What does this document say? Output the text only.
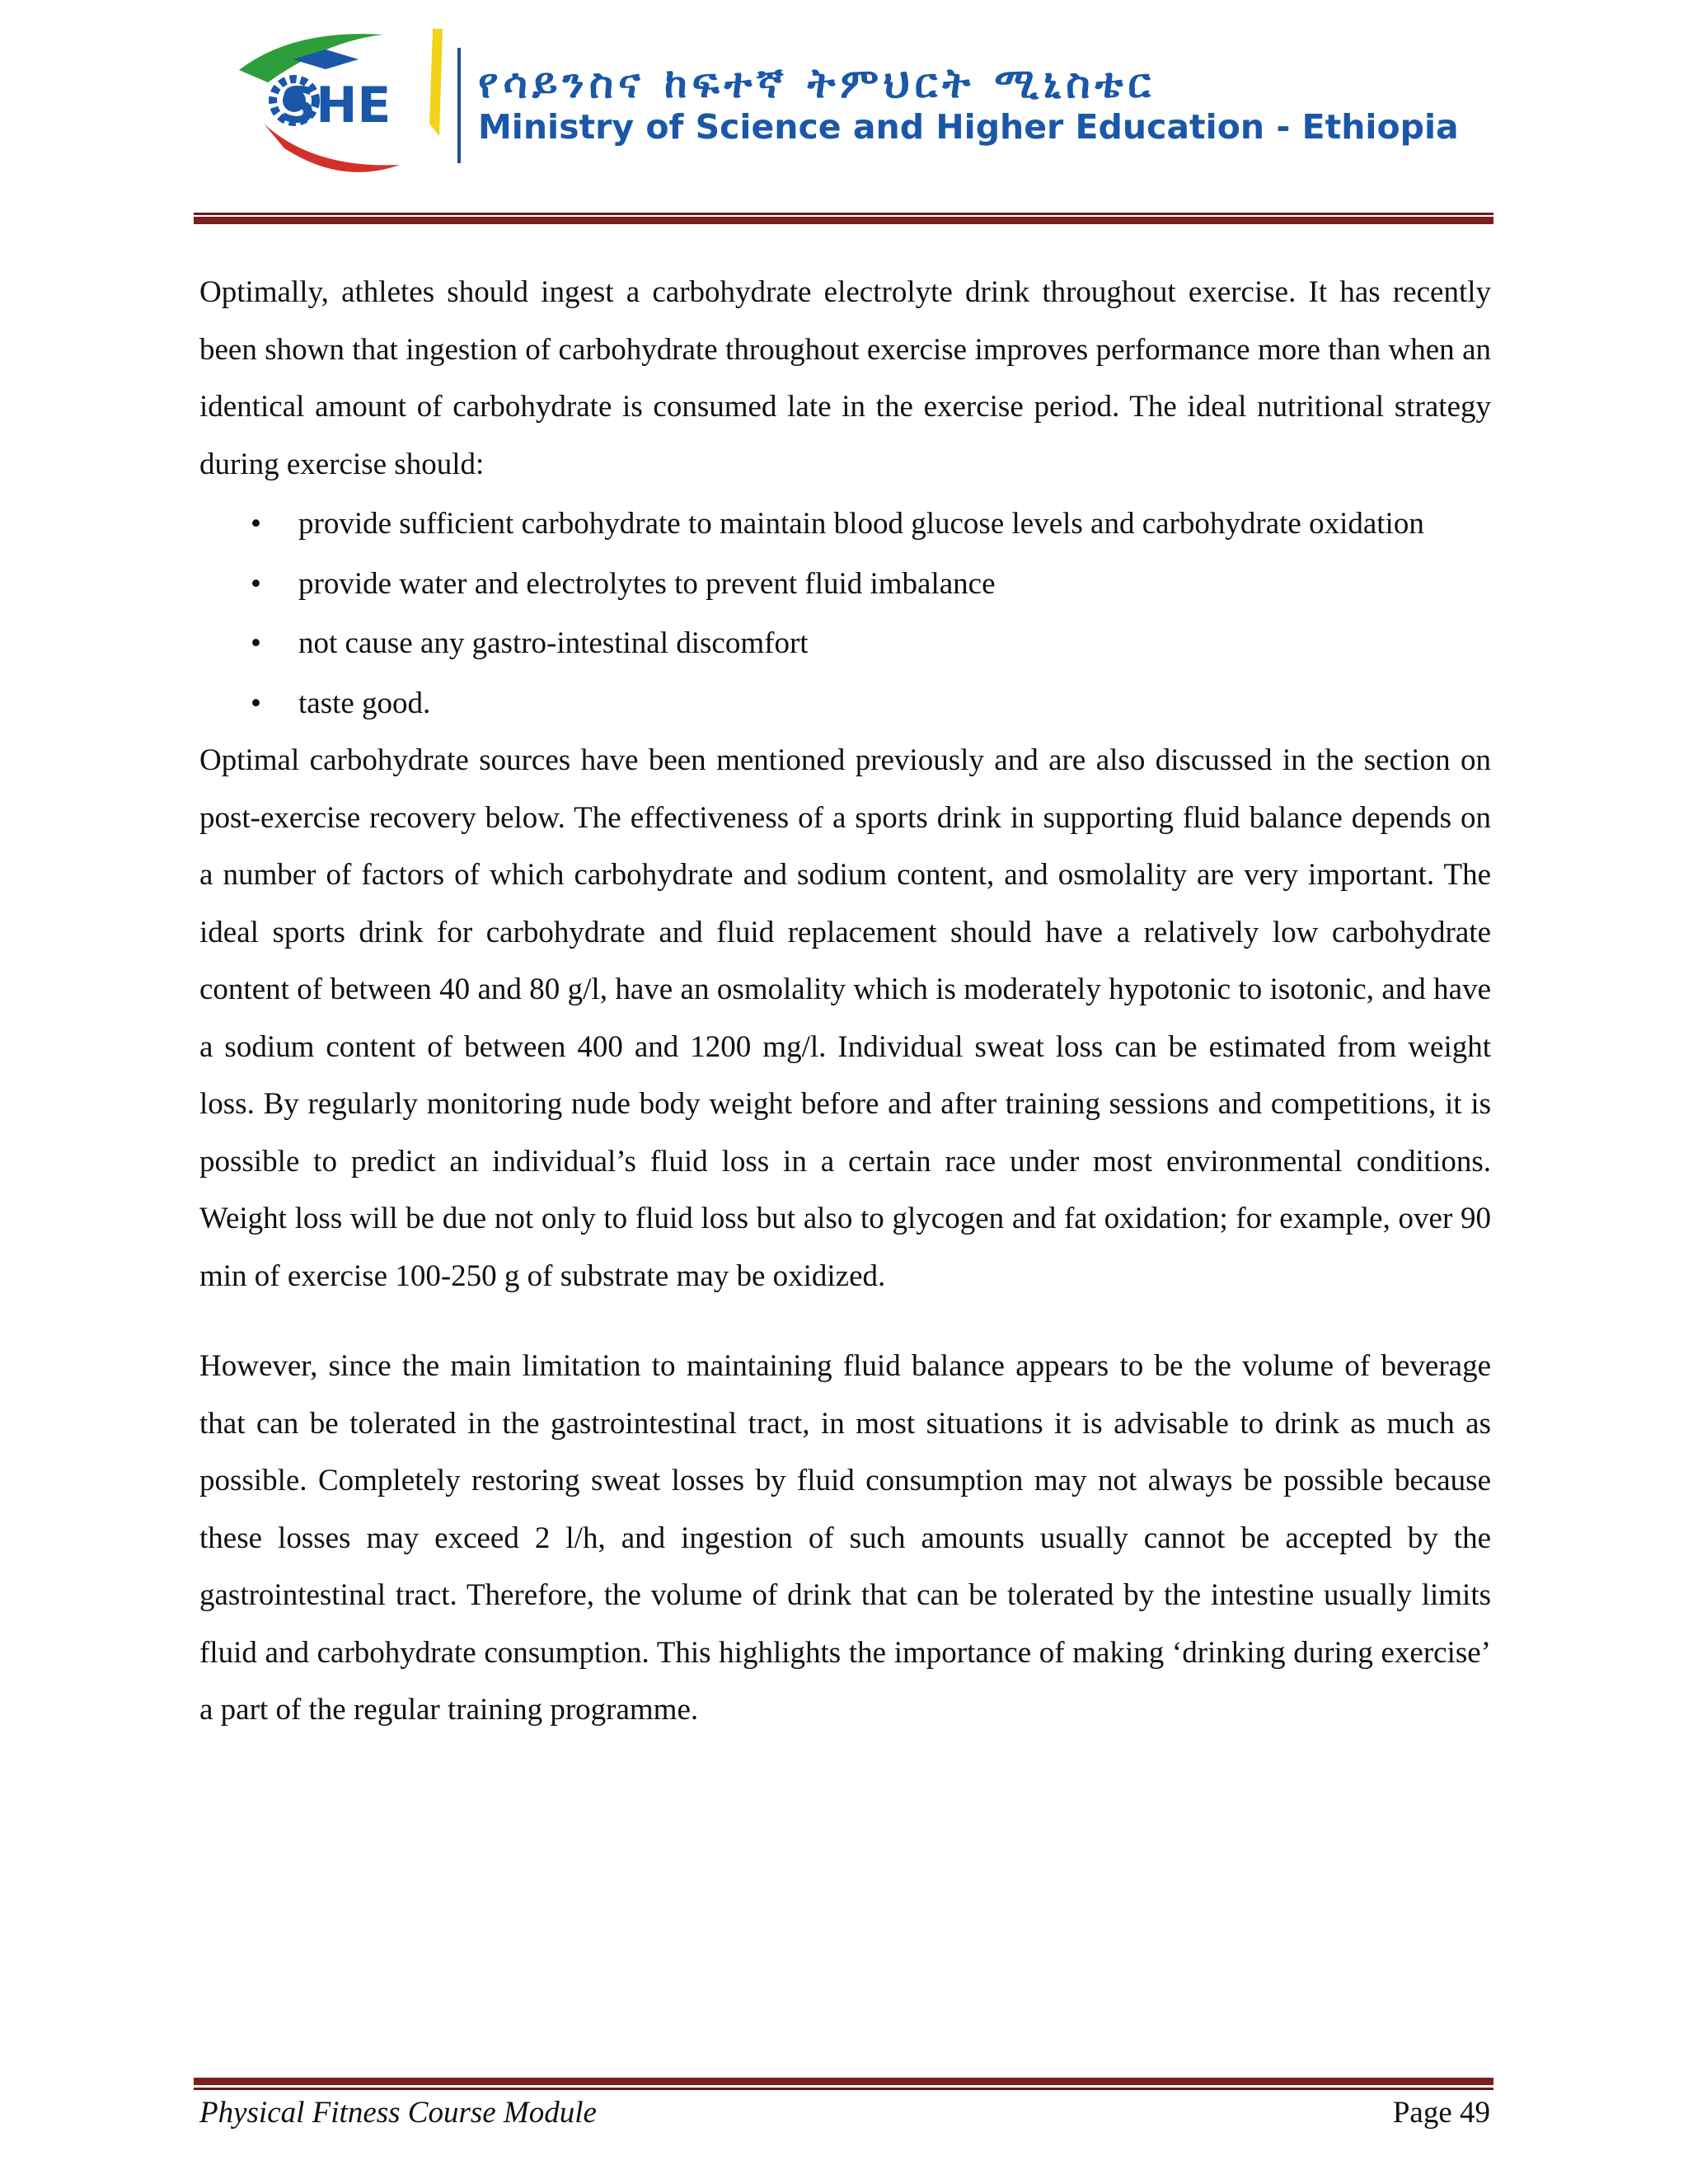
SHE የሳይንስና ከፍተኛ ትምህርት ሚኒስቴር
Ministry of Science and Higher Education - Ethiopia

Optimally, athletes should ingest a carbohydrate electrolyte drink throughout exercise. It has recently been shown that ingestion of carbohydrate throughout exercise improves performance more than when an identical amount of carbohydrate is consumed late in the exercise period. The ideal nutritional strategy during exercise should:

• provide sufficient carbohydrate to maintain blood glucose levels and carbohydrate oxidation
• provide water and electrolytes to prevent fluid imbalance
• not cause any gastro-intestinal discomfort
• taste good.

Optimal carbohydrate sources have been mentioned previously and are also discussed in the section on post-exercise recovery below. The effectiveness of a sports drink in supporting fluid balance depends on a number of factors of which carbohydrate and sodium content, and osmolality are very important. The ideal sports drink for carbohydrate and fluid replacement should have a relatively low carbohydrate content of between 40 and 80 g/l, have an osmolality which is moderately hypotonic to isotonic, and have a sodium content of between 400 and 1200 mg/l. Individual sweat loss can be estimated from weight loss. By regularly monitoring nude body weight before and after training sessions and competitions, it is possible to predict an individual’s fluid loss in a certain race under most environmental conditions. Weight loss will be due not only to fluid loss but also to glycogen and fat oxidation; for example, over 90 min of exercise 100-250 g of substrate may be oxidized.

However, since the main limitation to maintaining fluid balance appears to be the volume of beverage that can be tolerated in the gastrointestinal tract, in most situations it is advisable to drink as much as possible. Completely restoring sweat losses by fluid consumption may not always be possible because these losses may exceed 2 l/h, and ingestion of such amounts usually cannot be accepted by the gastrointestinal tract. Therefore, the volume of drink that can be tolerated by the intestine usually limits fluid and carbohydrate consumption. This highlights the importance of making ‘drinking during exercise’ a part of the regular training programme.

Physical Fitness Course Module	Page 49
